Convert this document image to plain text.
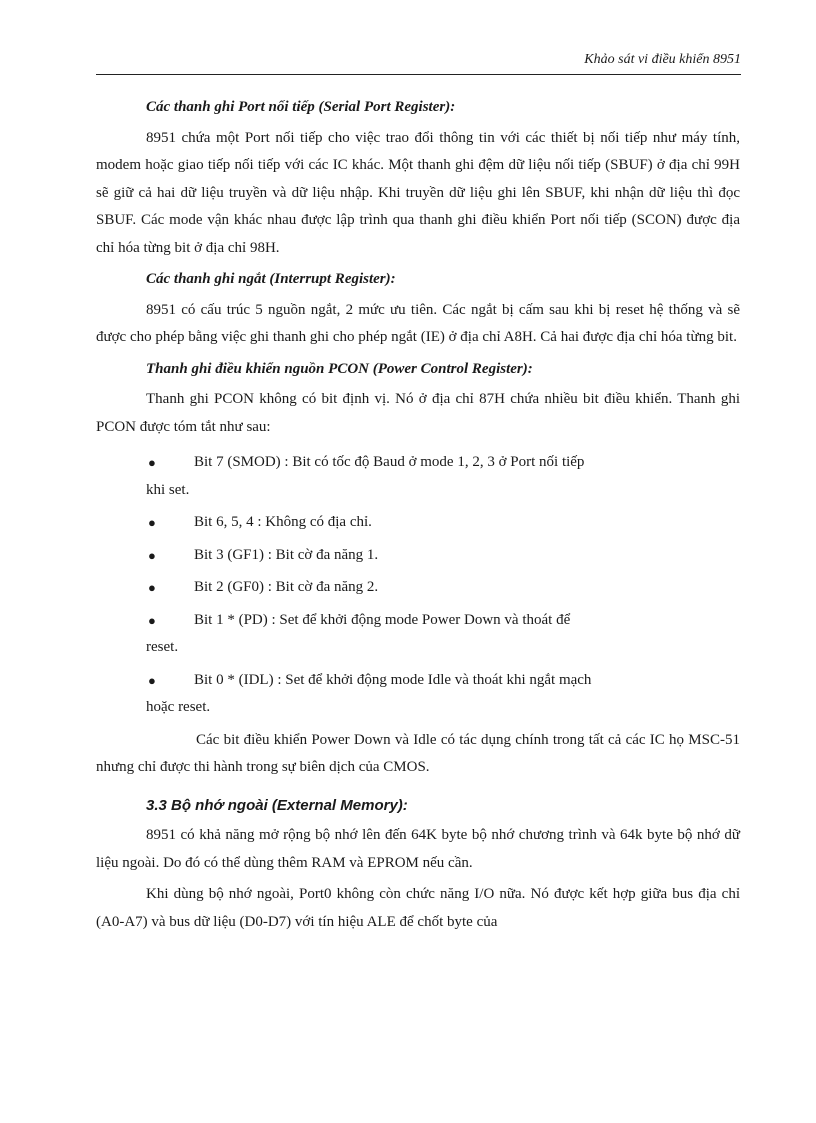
Khảo sát vi điều khiển 8951
Các thanh ghi Port nối tiếp (Serial Port Register):

8951 chứa một Port nối tiếp cho việc trao đổi thông tin với các thiết bị nối tiếp như máy tính, modem hoặc giao tiếp nối tiếp với các IC khác. Một thanh ghi đệm dữ liệu nối tiếp (SBUF) ở địa chỉ 99H sẽ giữ cả hai dữ liệu truyền và dữ liệu nhập. Khi truyền dữ liệu ghi lên SBUF, khi nhận dữ liệu thì đọc SBUF. Các mode vận khác nhau được lập trình qua thanh ghi điều khiển Port nối tiếp (SCON) được địa chỉ hóa từng bit ở địa chỉ 98H.

Các thanh ghi ngắt (Interrupt Register):

8951 có cấu trúc 5 nguồn ngắt, 2 mức ưu tiên. Các ngắt bị cấm sau khi bị reset hệ thống và sẽ được cho phép bằng việc ghi thanh ghi cho phép ngắt (IE) ở địa chỉ A8H. Cả hai được địa chỉ hóa từng bit.

Thanh ghi điều khiển nguồn PCON (Power Control Register):

Thanh ghi PCON không có bit định vị. Nó ở địa chỉ 87H chứa nhiều bit điều khiển. Thanh ghi PCON được tóm tắt như sau:

●	Bit 7 (SMOD) : Bit có tốc độ Baud ở mode 1, 2, 3 ở Port nối tiếp
khi set.
●	Bit 6, 5, 4 : Không có địa chỉ.
●	Bit 3 (GF1) : Bit cờ đa năng 1.
●	Bit 2 (GF0) : Bit cờ đa năng 2.
●	Bit 1 * (PD) : Set để khởi động mode Power Down và thoát để
reset.
●	Bit 0 * (IDL) : Set để khởi động mode Idle và thoát khi ngắt mạch
hoặc reset.

Các bit điều khiển Power Down và Idle có tác dụng chính trong tất cả các IC họ MSC-51 nhưng chỉ được thi hành trong sự biên dịch của CMOS.

3.3 Bộ nhớ ngoài (External Memory):

8951 có khả năng mở rộng bộ nhớ lên đến 64K byte bộ nhớ chương trình và 64k byte bộ nhớ dữ liệu ngoài. Do đó có thể dùng thêm RAM và EPROM nếu cần.

Khi dùng bộ nhớ ngoài, Port0 không còn chức năng I/O nữa. Nó được kết hợp giữa bus địa chỉ (A0-A7) và bus dữ liệu (D0-D7) với tín hiệu ALE để chốt byte của
